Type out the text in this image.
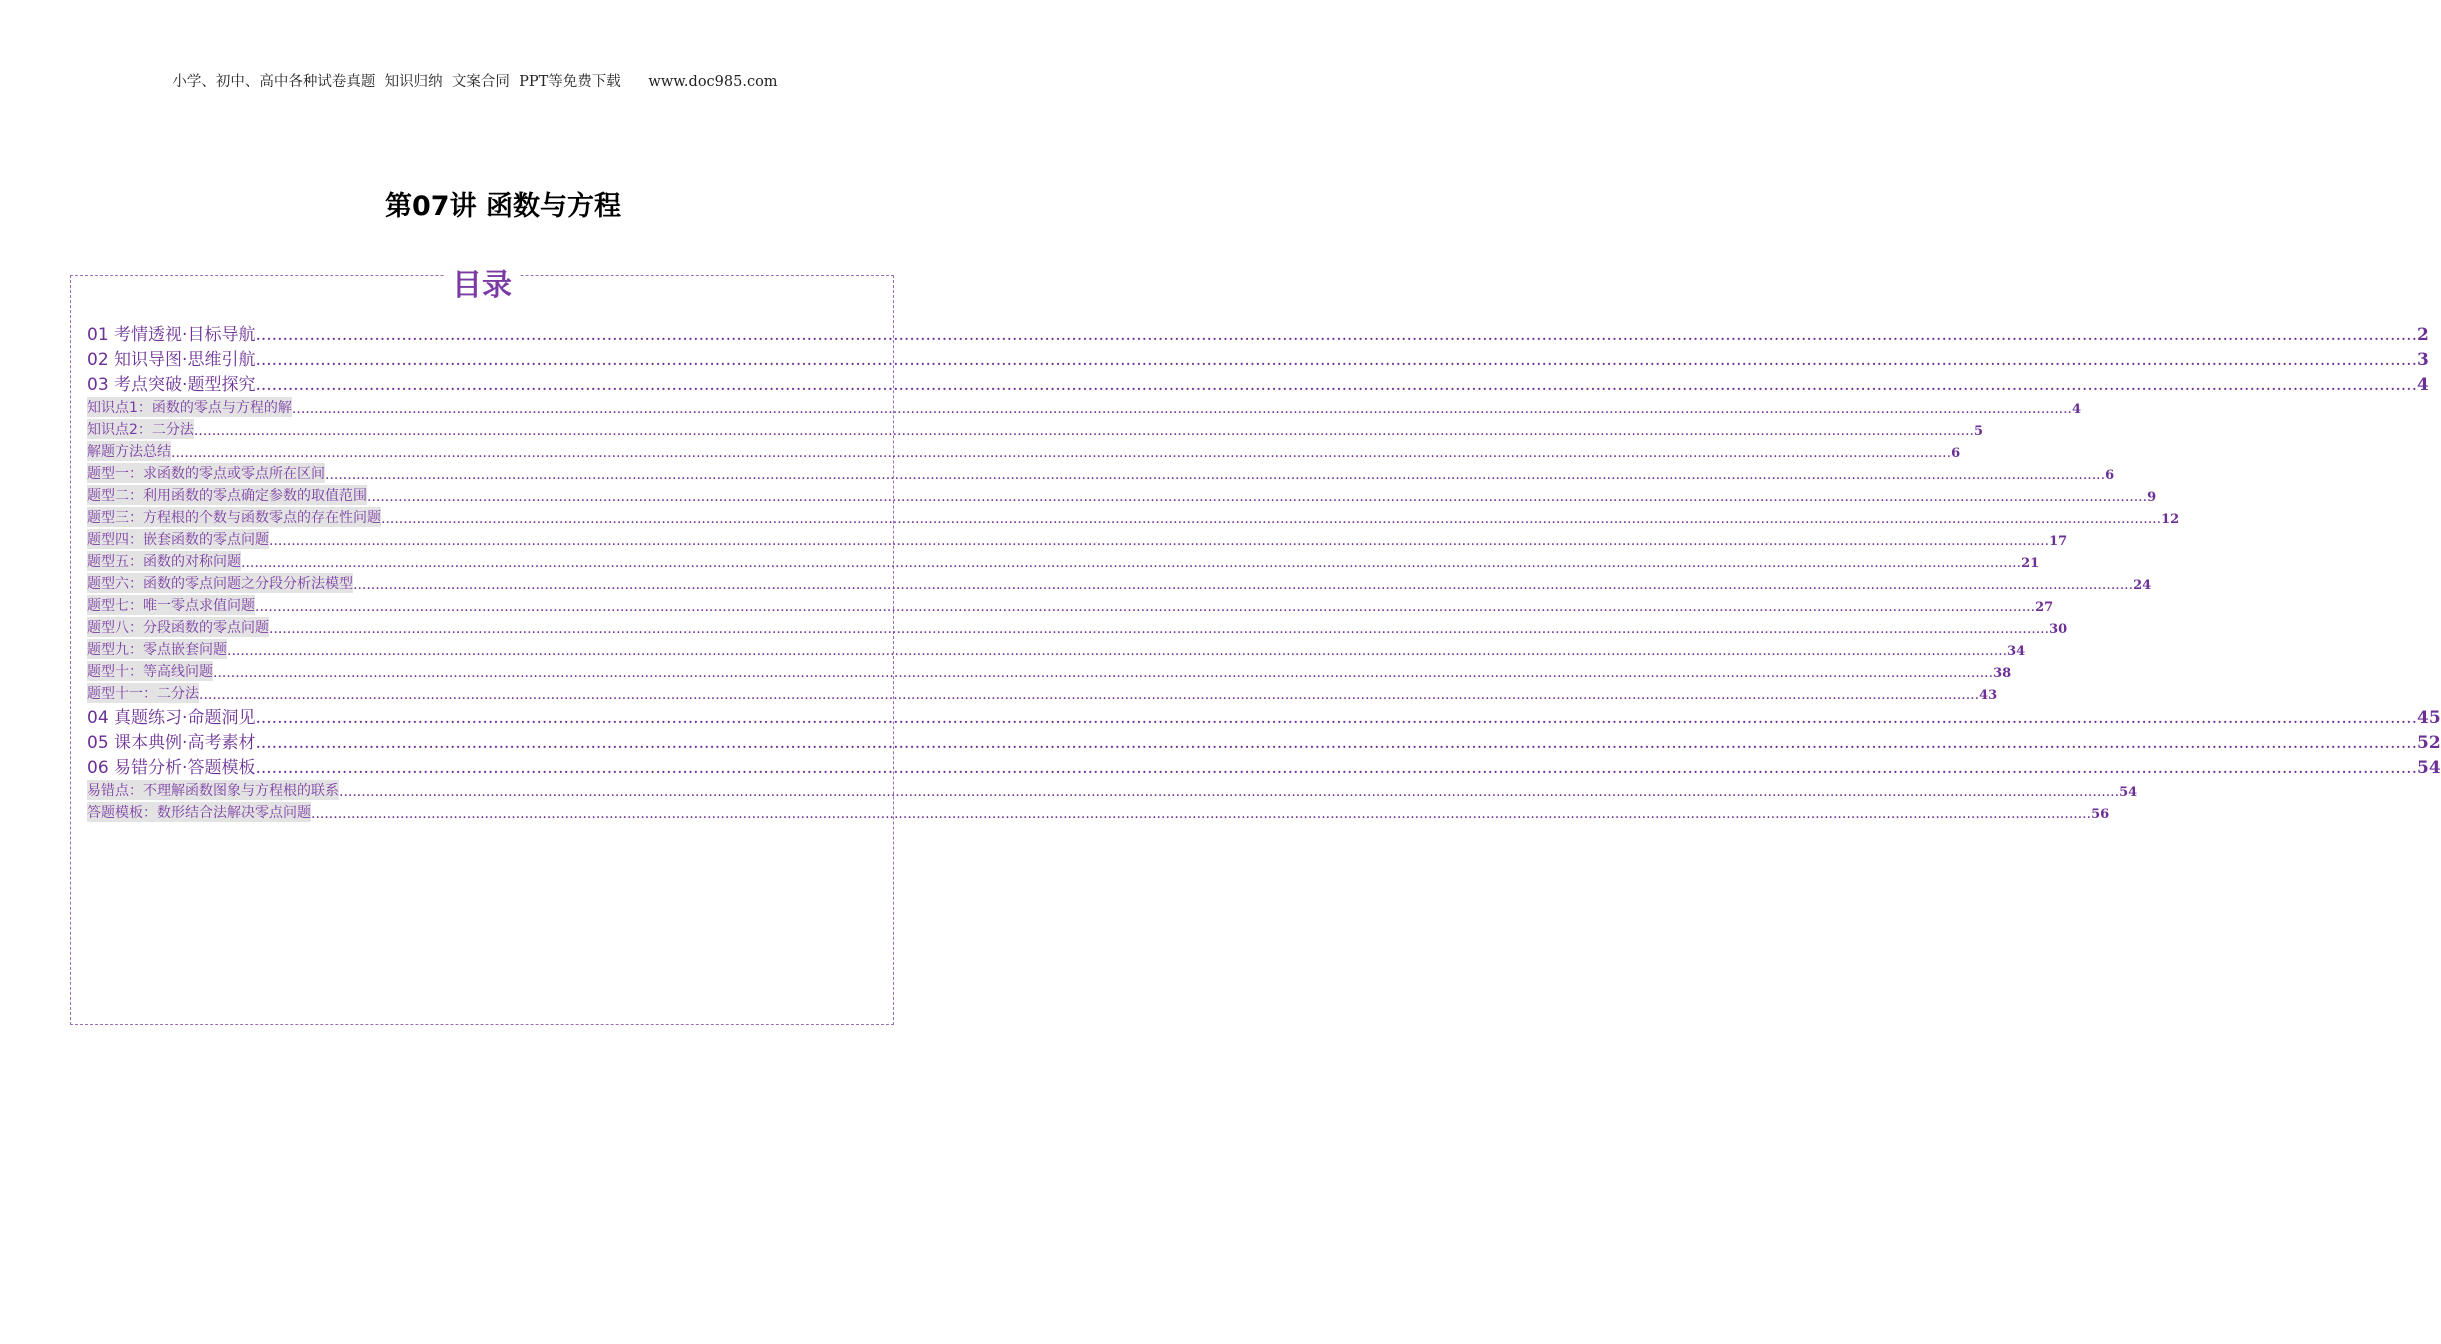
小学、初中、高中各种试卷真题  知识归纳  文案合同  PPT等免费下载      www.doc985.com
第07讲 函数与方程
目录
01 考情透视·目标导航 ................................................................................................................................................................................................................................................................................................................................................................................................................ 2
02 知识导图·思维引航 ................................................................................................................................................................................................................................................................................................................................................................................................................ 3
03 考点突破·题型探究 ................................................................................................................................................................................................................................................................................................................................................................................................................ 4
知识点1：函数的零点与方程的解 ................................................................................................................................................................................................................................................................................................................................................................................................................ 4
知识点2：二分法 ................................................................................................................................................................................................................................................................................................................................................................................................................ 5
解题方法总结 ................................................................................................................................................................................................................................................................................................................................................................................................................ 6
题型一：求函数的零点或零点所在区间 ................................................................................................................................................................................................................................................................................................................................................................................................................ 6
题型二：利用函数的零点确定参数的取值范围 ................................................................................................................................................................................................................................................................................................................................................................................................................ 9
题型三：方程根的个数与函数零点的存在性问题 ................................................................................................................................................................................................................................................................................................................................................................................................................ 12
题型四：嵌套函数的零点问题 ................................................................................................................................................................................................................................................................................................................................................................................................................ 17
题型五：函数的对称问题 ................................................................................................................................................................................................................................................................................................................................................................................................................ 21
题型六：函数的零点问题之分段分析法模型 ................................................................................................................................................................................................................................................................................................................................................................................................................ 24
题型七：唯一零点求值问题 ................................................................................................................................................................................................................................................................................................................................................................................................................ 27
题型八：分段函数的零点问题 ................................................................................................................................................................................................................................................................................................................................................................................................................ 30
题型九：零点嵌套问题 ................................................................................................................................................................................................................................................................................................................................................................................................................ 34
题型十：等高线问题 ................................................................................................................................................................................................................................................................................................................................................................................................................ 38
题型十一：二分法 ................................................................................................................................................................................................................................................................................................................................................................................................................ 43
04 真题练习·命题洞见 ................................................................................................................................................................................................................................................................................................................................................................................................................ 45
05 课本典例·高考素材 ................................................................................................................................................................................................................................................................................................................................................................................................................ 52
06 易错分析·答题模板 ................................................................................................................................................................................................................................................................................................................................................................................................................ 54
易错点：不理解函数图象与方程根的联系 ................................................................................................................................................................................................................................................................................................................................................................................................................ 54
答题模板：数形结合法解决零点问题 ................................................................................................................................................................................................................................................................................................................................................................................................................ 56
